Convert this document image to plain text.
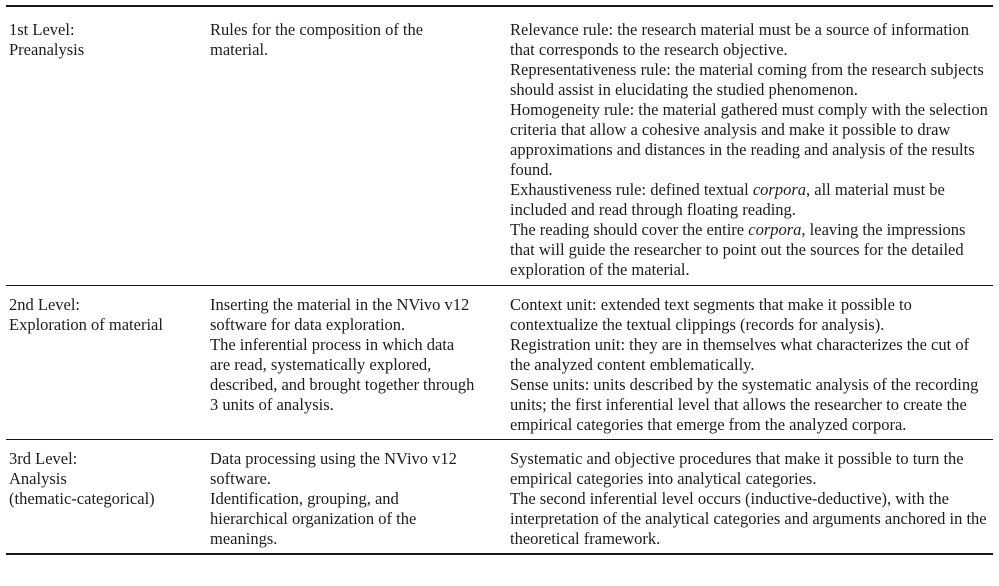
1st Level:
Preanalysis

Rules for the composition of the material.

Relevance rule: the research material must be a source of information that corresponds to the research objective.

Representativeness rule: the material coming from the research subjects should assist in elucidating the studied phenomenon.

Homogeneity rule: the material gathered must comply with the selection criteria that allow a cohesive analysis and make it possible to draw approximations and distances in the reading and analysis of the results found.

Exhaustiveness rule: defined textual corpora, all material must be included and read through floating reading.

The reading should cover the entire corpora, leaving the impressions that will guide the researcher to point out the sources for the detailed exploration of the material.

2nd Level:
Exploration of material

Inserting the material in the NVivo v12 software for data exploration.

The inferential process in which data are read, systematically explored, described, and brought together through 3 units of analysis.

Context unit: extended text segments that make it possible to contextualize the textual clippings (records for analysis).

Registration unit: they are in themselves what characterizes the cut of the analyzed content emblematically.

Sense units: units described by the systematic analysis of the recording units; the first inferential level that allows the researcher to create the empirical categories that emerge from the analyzed corpora.

3rd Level:
Analysis
(thematic-categorical)

Data processing using the NVivo v12 software.

Identification, grouping, and hierarchical organization of the meanings.

Systematic and objective procedures that make it possible to turn the empirical categories into analytical categories.

The second inferential level occurs (inductive-deductive), with the interpretation of the analytical categories and arguments anchored in the theoretical framework.
